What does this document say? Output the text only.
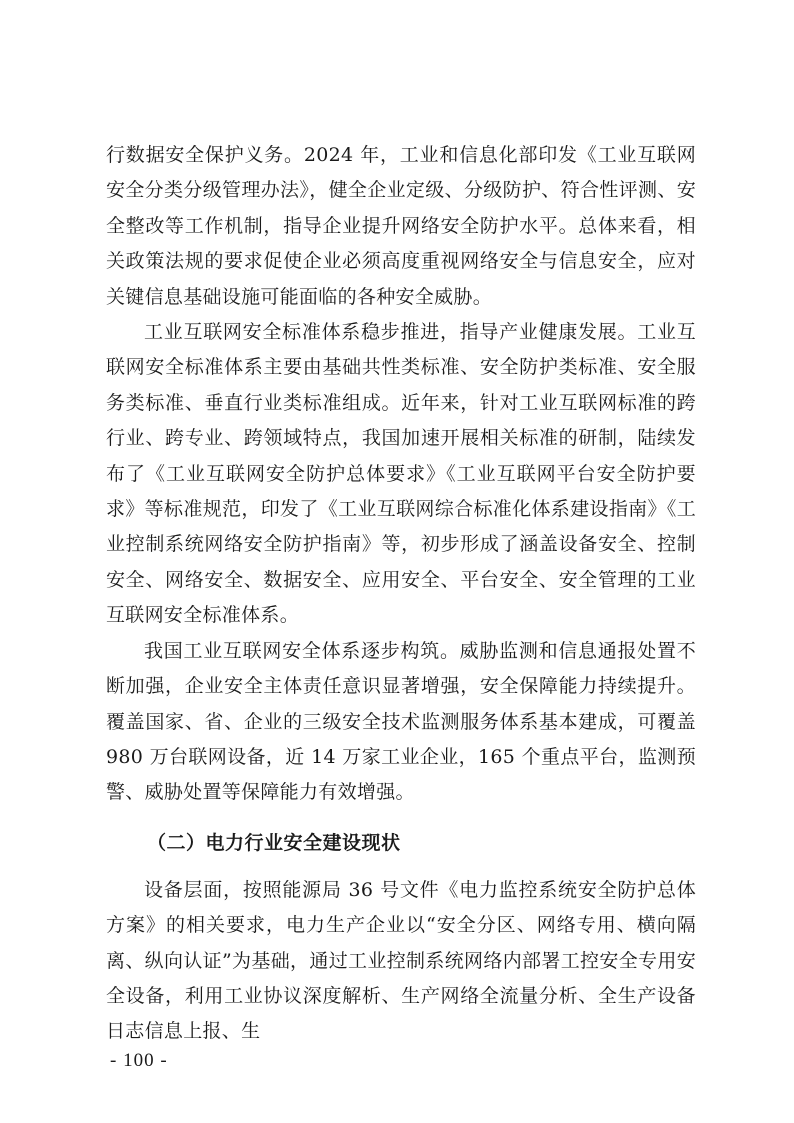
行数据安全保护义务。2024 年，工业和信息化部印发《工业互联网安全分类分级管理办法》，健全企业定级、分级防护、符合性评测、安全整改等工作机制，指导企业提升网络安全防护水平。总体来看，相关政策法规的要求促使企业必须高度重视网络安全与信息安全，应对关键信息基础设施可能面临的各种安全威胁。

工业互联网安全标准体系稳步推进，指导产业健康发展。工业互联网安全标准体系主要由基础共性类标准、安全防护类标准、安全服务类标准、垂直行业类标准组成。近年来，针对工业互联网标准的跨行业、跨专业、跨领域特点，我国加速开展相关标准的研制，陆续发布了《工业互联网安全防护总体要求》《工业互联网平台安全防护要求》等标准规范，印发了《工业互联网综合标准化体系建设指南》《工业控制系统网络安全防护指南》等，初步形成了涵盖设备安全、控制安全、网络安全、数据安全、应用安全、平台安全、安全管理的工业互联网安全标准体系。

我国工业互联网安全体系逐步构筑。威胁监测和信息通报处置不断加强，企业安全主体责任意识显著增强，安全保障能力持续提升。覆盖国家、省、企业的三级安全技术监测服务体系基本建成，可覆盖 980 万台联网设备，近 14 万家工业企业，165 个重点平台，监测预警、威胁处置等保障能力有效增强。

（二）电力行业安全建设现状

设备层面，按照能源局 36 号文件《电力监控系统安全防护总体方案》的相关要求，电力生产企业以“安全分区、网络专用、横向隔离、纵向认证”为基础，通过工业控制系统网络内部署工控安全专用安全设备，利用工业协议深度解析、生产网络全流量分析、全生产设备日志信息上报、生

- 100 -
